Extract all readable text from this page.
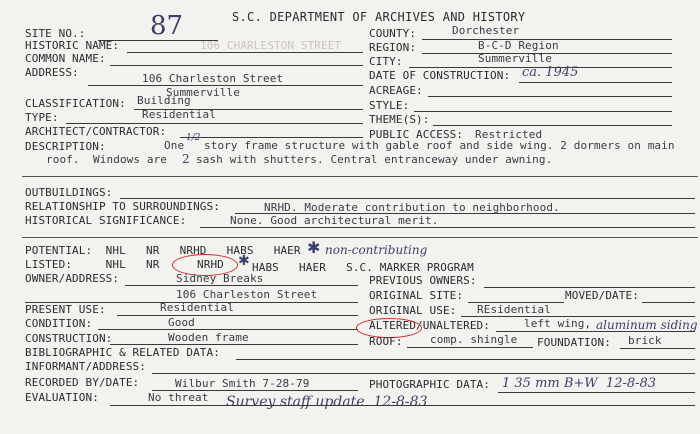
S.C. DEPARTMENT OF ARCHIVES AND HISTORY
SITE NO.: 87
HISTORIC NAME:	106 CHARLESTON STREET
COMMON NAME:
ADDRESS:	106 Charleston Street
Summerville
CLASSIFICATION: Building
TYPE:	Residential
ARCHITECT/CONTRACTOR:
COUNTY:	Dorchester
REGION:	B-C-D Region
CITY:	Summerville
DATE OF CONSTRUCTION: ca. 1945
ACREAGE:
STYLE:
THEME(S):
PUBLIC ACCESS: Restricted
DESCRIPTION:	One
1/2
story frame structure with gable roof and side wing. 2 dormers on main
roof.  Windows are 2 sash with shutters. Central entranceway under awning.
OUTBUILDINGS:
RELATIONSHIP TO SURROUNDINGS:	NRHD. Moderate contribution to neighborhood.
HISTORICAL SIGNIFICANCE:	None. Good architectural merit.
POTENTIAL:  NHL   NR   NRHD   HABS   HAER ✱ non-contributing
LISTED:     NHL   NR	NRHD ✱ HABS   HAER   S.C. MARKER PROGRAM
OWNER/ADDRESS:	Sidney Breaks
106 Charleston Street
PREVIOUS OWNERS:
ORIGINAL SITE:	MOVED/DATE:
PRESENT USE:	Residential	ORIGINAL USE: REsidential
CONDITION:	Good	ALTERED/UNALTERED:	left wing, aluminum siding
CONSTRUCTION:	Wooden frame	ROOF: comp. shingle FOUNDATION: brick
BIBLIOGRAPHIC & RELATED DATA:
INFORMANT/ADDRESS:
RECORDED BY/DATE:	Wilbur Smith 7-28-79	PHOTOGRAPHIC DATA: 1 35 mm B+W  12-8-83
EVALUATION:	No threat Survey staff update  12-8-83
